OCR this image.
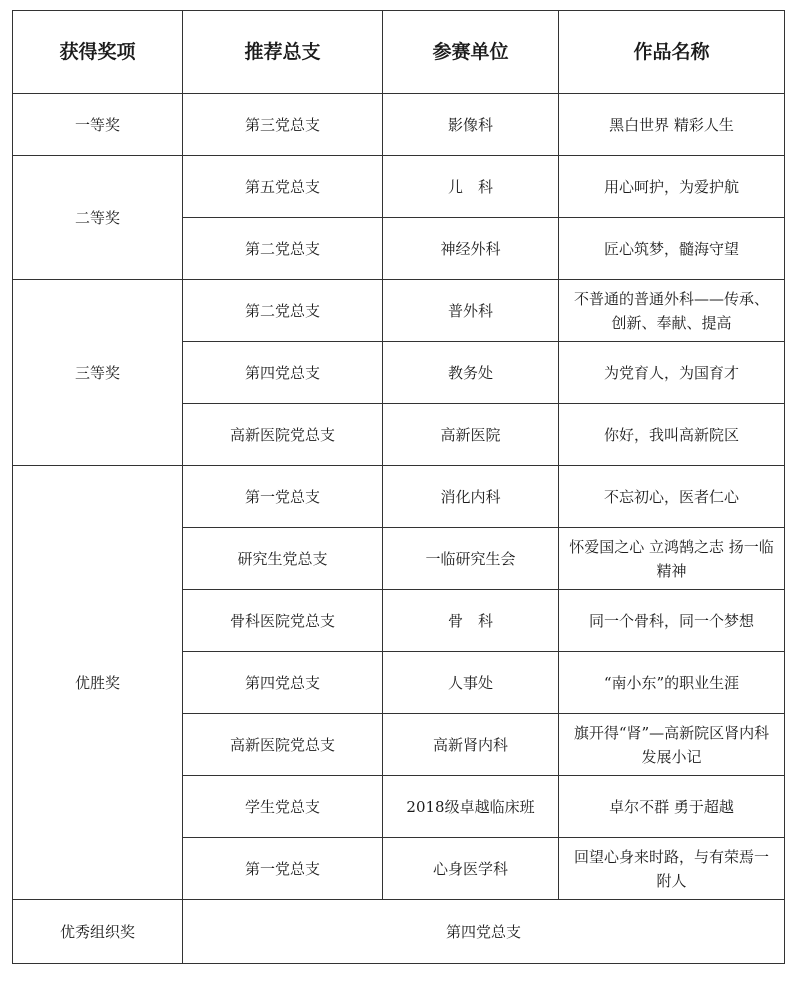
获得奖项	推荐总支	参赛单位	作品名称
一等奖	第三党总支	影像科	黑白世界 精彩人生
二等奖	第五党总支	儿　科	用心呵护，为爱护航
	第二党总支	神经外科	匠心筑梦，髓海守望
三等奖	第二党总支	普外科	不普通的普通外科——传承、创新、奉献、提高
	第四党总支	教务处	为党育人，为国育才
	高新医院党总支	高新医院	你好，我叫高新院区
优胜奖	第一党总支	消化内科	不忘初心，医者仁心
	研究生党总支	一临研究生会	怀爱国之心 立鸿鹄之志 扬一临精神
	骨科医院党总支	骨　科	同一个骨科，同一个梦想
	第四党总支	人事处	“南小东”的职业生涯
	高新医院党总支	高新肾内科	旗开得“肾”—高新院区肾内科发展小记
	学生党总支	2018级卓越临床班	卓尔不群 勇于超越
	第一党总支	心身医学科	回望心身来时路，与有荣焉一附人
优秀组织奖	第四党总支		
